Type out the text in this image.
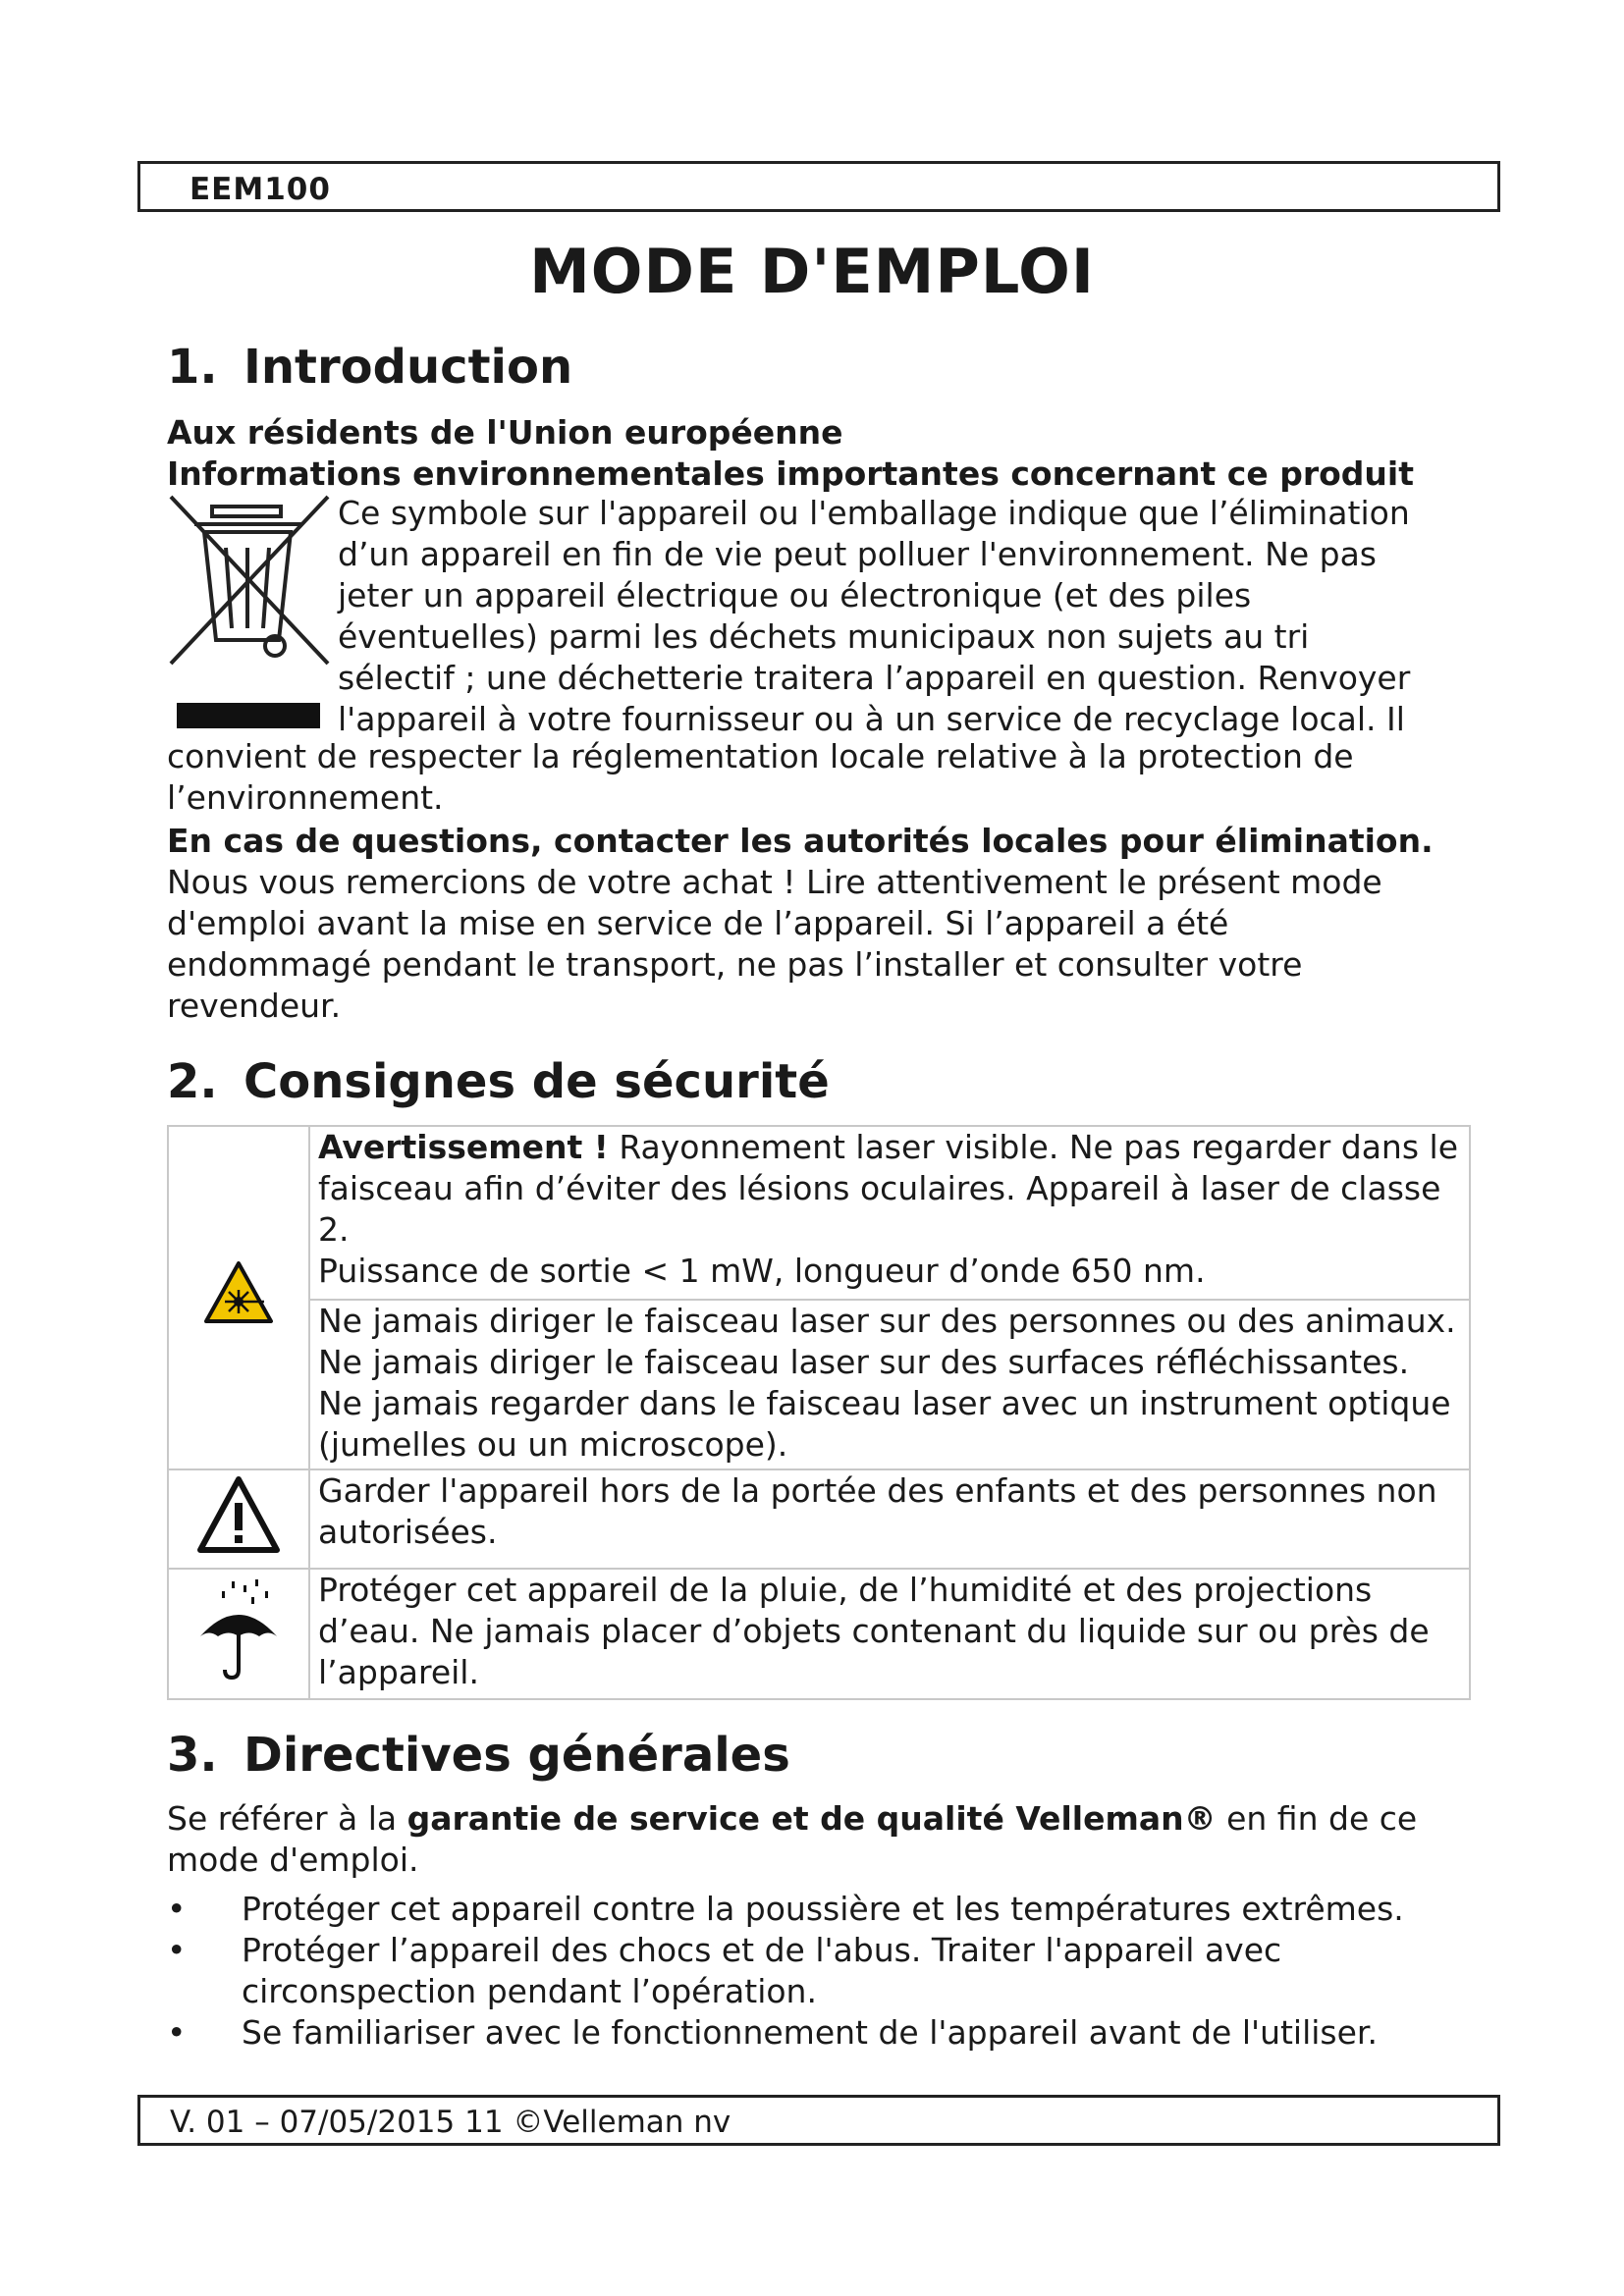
EEM100
MODE D'EMPLOI
1. Introduction
Aux résidents de l'Union européenne
Informations environnementales importantes concernant ce produit
Ce symbole sur l'appareil ou l'emballage indique que l’élimination
d’un appareil en fin de vie peut polluer l'environnement. Ne pas
jeter un appareil électrique ou électronique (et des piles
éventuelles) parmi les déchets municipaux non sujets au tri
sélectif ; une déchetterie traitera l’appareil en question. Renvoyer
l'appareil à votre fournisseur ou à un service de recyclage local. Il
convient de respecter la réglementation locale relative à la protection de
l’environnement.
En cas de questions, contacter les autorités locales pour élimination.
Nous vous remercions de votre achat ! Lire attentivement le présent mode
d'emploi avant la mise en service de l’appareil. Si l’appareil a été
endommagé pendant le transport, ne pas l’installer et consulter votre
revendeur.
2. Consignes de sécurité
	Avertissement ! Rayonnement laser visible. Ne pas regarder dans le faisceau afin d’éviter des lésions oculaires. Appareil à laser de classe 2.
Puissance de sortie < 1 mW, longueur d’onde 650 nm.
	Ne jamais diriger le faisceau laser sur des personnes ou des animaux. Ne jamais diriger le faisceau laser sur des surfaces réfléchissantes. Ne jamais regarder dans le faisceau laser avec un instrument optique (jumelles ou un microscope).
	Garder l'appareil hors de la portée des enfants et des personnes non autorisées.
	Protéger cet appareil de la pluie, de l’humidité et des projections d’eau. Ne jamais placer d’objets contenant du liquide sur ou près de l’appareil.
3. Directives générales
Se référer à la garantie de service et de qualité Velleman® en fin de ce mode d'emploi.
• Protéger cet appareil contre la poussière et les températures extrêmes.
• Protéger l’appareil des chocs et de l'abus. Traiter l'appareil avec circonspection pendant l’opération.
• Se familiariser avec le fonctionnement de l'appareil avant de l'utiliser.
V. 01 – 07/05/2015 11 ©Velleman nv
